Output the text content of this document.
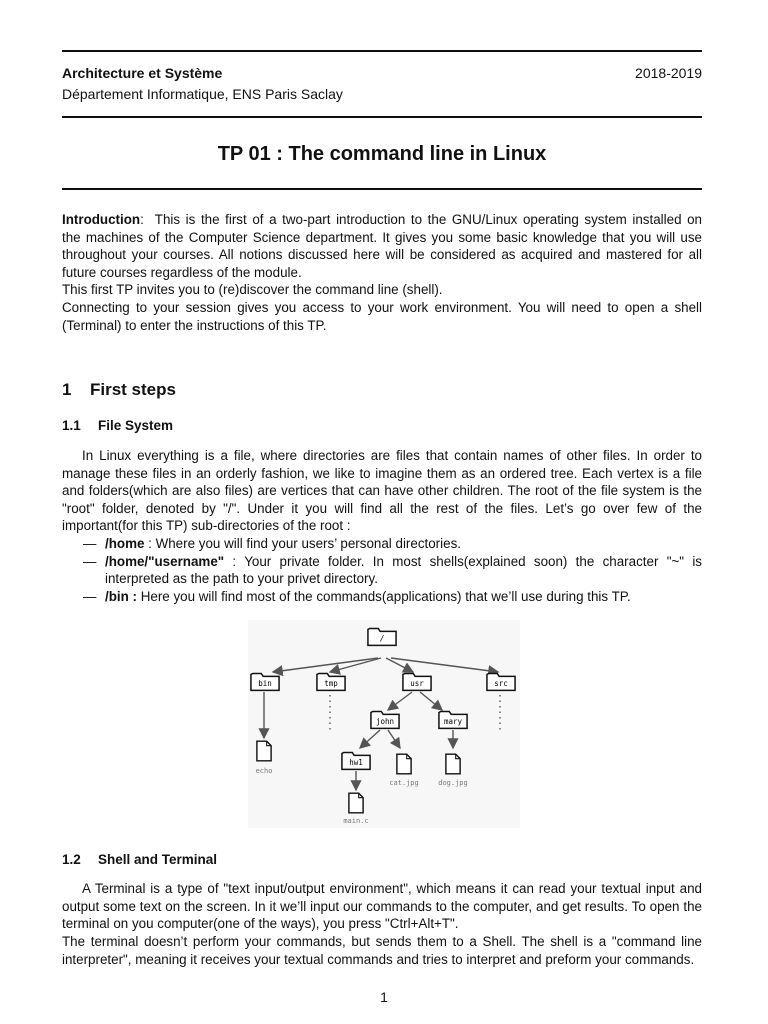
Architecture et Système	2018-2019
Département Informatique, ENS Paris Saclay
TP 01 : The command line in Linux

Introduction: This is the first of a two-part introduction to the GNU/Linux operating system installed on

the machines of the Computer Science department. It gives you some basic knowledge that you will use throughout your courses. All notions discussed here will be considered as acquired and mastered for all future courses regardless of the module.

This first TP invites you to (re)discover the command line (shell).

Connecting to your session gives you access to your work environment. You will need to open a shell (Terminal) to enter the instructions of this TP.

1 First steps
1.1 File System
In Linux everything is a file, where directories are files that contain names of other files. In order to manage these files in an orderly fashion, we like to imagine them as an ordered tree. Each vertex is a file and folders(which are also files) are vertices that can have other children. The root of the file system is the "root" folder, denoted by "/". Under it you will find all the rest of the files. Let’s go over few of the important(for this TP) sub-directories of the root :
— /home : Where you will find your users’ personal directories.
— /home/"username" : Your private folder. In most shells(explained soon) the character "~" is interpreted as the path to your privet directory.
— /bin : Here you will find most of the commands(applications) that we’ll use during this TP.
1.2 Shell and Terminal
A Terminal is a type of "text input/output environment", which means it can read your textual input and output some text on the screen. In it we’ll input our commands to the computer, and get results. To open the terminal on you computer(one of the ways), you press "Ctrl+Alt+T".
The terminal doesn’t perform your commands, but sends them to a Shell. The shell is a "command line interpreter", meaning it receives your textual commands and tries to interpret and preform your commands.
/
bin	tmp	usr	src
john	mary
hw1
echo
cat.jpg	dog.jpg
main.c
1
